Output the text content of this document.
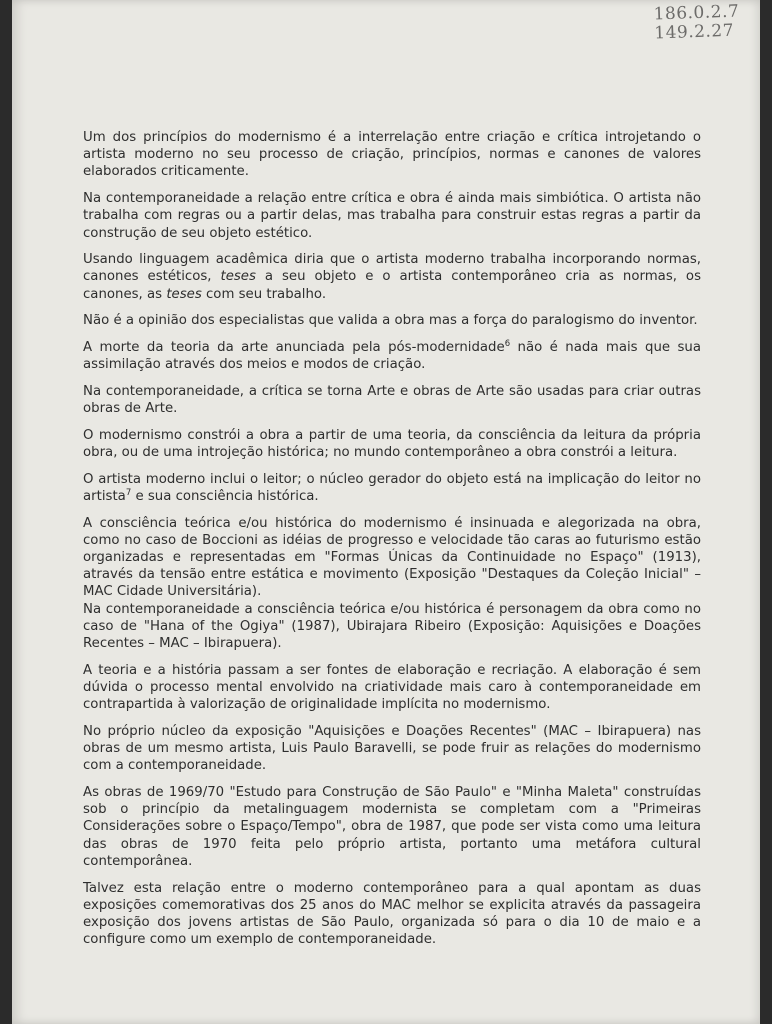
186.0.2.7
149.2.27

Um dos princípios do modernismo é a interrelação entre criação e crítica introjetando o artista moderno no seu processo de criação, princípios, normas e canones de valores elaborados criticamente.

Na contemporaneidade a relação entre crítica e obra é ainda mais simbiótica. O artista não trabalha com regras ou a partir delas, mas trabalha para construir estas regras a partir da construção de seu objeto estético.

Usando linguagem acadêmica diria que o artista moderno trabalha incorporando normas, canones estéticos, teses a seu objeto e o artista contemporâneo cria as normas, os canones, as teses com seu trabalho.

Não é a opinião dos especialistas que valida a obra mas a força do paralogismo do inventor.

A morte da teoria da arte anunciada pela pós-modernidade$^6$ não é nada mais que sua assimilação através dos meios e modos de criação.

Na contemporaneidade, a crítica se torna Arte e obras de Arte são usadas para criar outras obras de Arte.

O modernismo constrói a obra a partir de uma teoria, da consciência da leitura da própria obra, ou de uma introjeção histórica; no mundo contemporâneo a obra constrói a leitura.

O artista moderno inclui o leitor; o núcleo gerador do objeto está na implicação do leitor no artista$^7$ e sua consciência histórica.

A consciência teórica e/ou histórica do modernismo é insinuada e alegorizada na obra, como no caso de Boccioni as idéias de progresso e velocidade tão caras ao futurismo estão organizadas e representadas em "Formas Únicas da Continuidade no Espaço" (1913), através da tensão entre estática e movimento (Exposição "Destaques da Coleção Inicial" – MAC Cidade Universitária).

Na contemporaneidade a consciência teórica e/ou histórica é personagem da obra como no caso de "Hana of the Ogiya" (1987), Ubirajara Ribeiro (Exposição: Aquisições e Doações Recentes – MAC – Ibirapuera).

A teoria e a história passam a ser fontes de elaboração e recriação. A elaboração é sem dúvida o processo mental envolvido na criatividade mais caro à contemporaneidade em contrapartida à valorização de originalidade implícita no modernismo.

No próprio núcleo da exposição "Aquisições e Doações Recentes" (MAC – Ibirapuera) nas obras de um mesmo artista, Luis Paulo Baravelli, se pode fruir as relações do modernismo com a contemporaneidade.

As obras de 1969/70 "Estudo para Construção de São Paulo" e "Minha Maleta" construídas sob o princípio da metalinguagem modernista se completam com a "Primeiras Considerações sobre o Espaço/Tempo", obra de 1987, que pode ser vista como uma leitura das obras de 1970 feita pelo próprio artista, portanto uma metáfora cultural contemporânea.

Talvez esta relação entre o moderno contemporâneo para a qual apontam as duas exposições comemorativas dos 25 anos do MAC melhor se explicita através da passageira exposição dos jovens artistas de São Paulo, organizada só para o dia 10 de maio e a configure como um exemplo de contemporaneidade.
